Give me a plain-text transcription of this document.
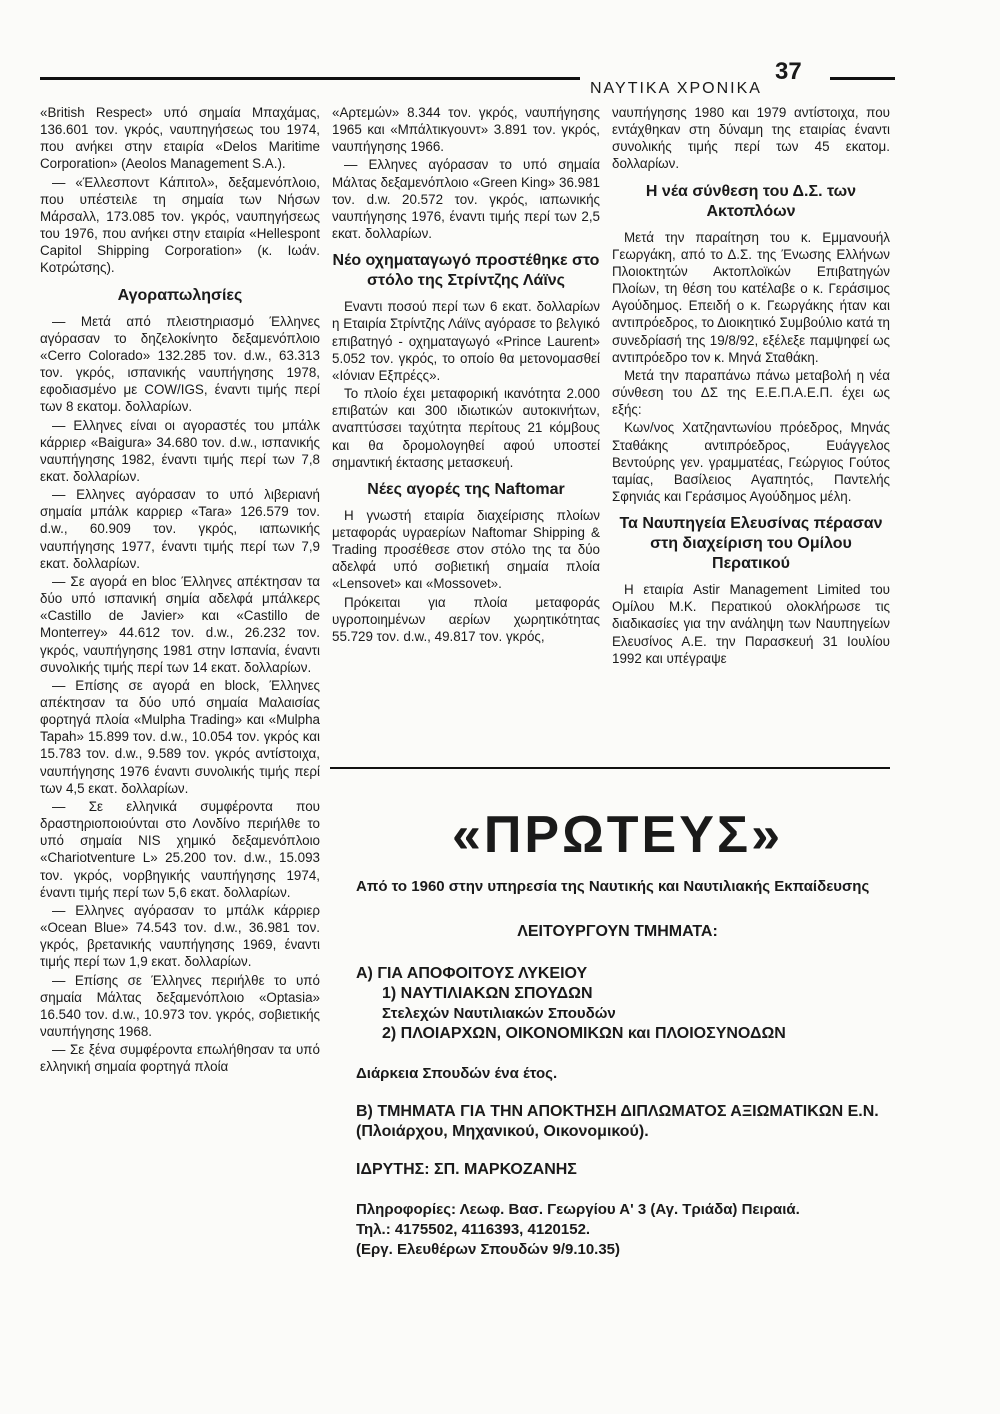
ΝΑΥΤΙΚΑ ΧΡΟΝΙΚΑ
37

«British Respect» υπό σημαία Μπαχάμας, 136.601 τον. γκρός, ναυπηγήσεως του 1974, που ανήκει στην εταιρία «Delos Maritime Corporation» (Aeolos Management S.A.).

— «Έλλεσποντ Κάπιτολ», δεξαμενόπλοιο, που υπέστειλε τη σημαία των Νήσων Μάρσαλλ, 173.085 τον. γκρός, ναυπηγήσεως του 1976, που ανήκει στην εταιρία «Hellespont Capitol Shipping Corporation» (κ. Ιωάν. Κοτρώτσης).

Αγοραπωλησίες

— Μετά από πλειστηριασμό Έλληνες αγόρασαν το δηζελοκίνητο δεξαμενόπλοιο «Cerro Colorado» 132.285 τον. d.w., 63.313 τον. γκρός, ισπανικής ναυπήγησης 1978, εφοδιασμένο με COW/IGS, έναντι τιμής περί των 8 εκατομ. δολλαρίων.

— Ελληνες είναι οι αγοραστές του μπάλκ κάρριερ «Baigura» 34.680 τον. d.w., ισπανικής ναυπήγησης 1982, έναντι τιμής περί των 7,8 εκατ. δολλαρίων.

— Ελληνες αγόρασαν το υπό λιβεριανή σημαία μπάλκ καρριερ «Tara» 126.579 τον. d.w., 60.909 τον. γκρός, ιαπωνικής ναυπήγησης 1977, έναντι τιμής περί των 7,9 εκατ. δολλαρίων.

— Σε αγορά en bloc Έλληνες απέκτησαν τα δύο υπό ισπανική σημία αδελφά μπάλκερς «Castillo de Javier» και «Castillo de Monterrey» 44.612 τον. d.w., 26.232 τον. γκρός, ναυπήγησης 1981 στην Ισπανία, έναντι συνολικής τιμής περί των 14 εκατ. δολλαρίων.

— Επίσης σε αγορά en block, Έλληνες απέκτησαν τα δύο υπό σημαία Μαλαισίας φορτηγά πλοία «Mulpha Trading» και «Mulpha Tapah» 15.899 τον. d.w., 10.054 τον. γκρός και 15.783 τον. d.w., 9.589 τον. γκρός αντίστοιχα, ναυπήγησης 1976 έναντι συνολικής τιμής περί των 4,5 εκατ. δολλαρίων.

— Σε ελληνικά συμφέροντα που δραστηριοποιούνται στο Λονδίνο περιήλθε το υπό σημαία NIS χημικό δεξαμενόπλοιο «Chariotventure L» 25.200 τον. d.w., 15.093 τον. γκρός, νορβηγικής ναυπήγησης 1974, έναντι τιμής περί των 5,6 εκατ. δολλαρίων.

— Ελληνες αγόρασαν το μπάλκ κάρριερ «Ocean Blue» 74.543 τον. d.w., 36.981 τον. γκρός, βρετανικής ναυπήγησης 1969, έναντι τιμής περί των 1,9 εκατ. δολλαρίων.

— Επίσης σε Έλληνες περιήλθε το υπό σημαία Μάλτας δεξαμενόπλοιο «Optasia» 16.540 τον. d.w., 10.973 τον. γκρός, σοβιετικής ναυπήγησης 1968.

— Σε ξένα συμφέροντα επωλήθησαν τα υπό ελληνική σημαία φορτηγά πλοία

«Αρτεμών» 8.344 τον. γκρός, ναυπήγησης 1965 και «Μπάλτικγουντ» 3.891 τον. γκρός, ναυπήγησης 1966.

— Ελληνες αγόρασαν το υπό σημαία Μάλτας δεξαμενόπλοιο «Green King» 36.981 τον. d.w. 20.572 τον. γκρός, ιαπωνικής ναυπήγησης 1976, έναντι τιμής περί των 2,5 εκατ. δολλαρίων.

Νέο οχηματαγωγό προστέθηκε στο στόλο της Στρίντζης Λάϊνς

Εναντι ποσού περί των 6 εκατ. δολλαρίων η Εταιρία Στρίντζης Λάϊνς αγόρασε το βελγικό επιβατηγό - οχηματαγωγό «Prince Laurent» 5.052 τον. γκρός, το οποίο θα μετονομασθεί «Ιόνιαν Εξπρέςς».

Το πλοίο έχει μεταφορική ικανότητα 2.000 επιβατών και 300 ιδιωτικών αυτοκινήτων, αναπτύσσει ταχύτητα περίτους 21 κόμβους και θα δρομολογηθεί αφού υποστεί σημαντική έκτασης μετασκευή.

Νέες αγορές της Naftomar

Η γνωστή εταιρία διαχείρισης πλοίων μεταφοράς υγραερίων Naftomar Shipping & Trading προσέθεσε στον στόλο της τα δύο αδελφά υπό σοβιετική σημαία πλοία «Lensovet» και «Mossovet».

Πρόκειται για πλοία μεταφοράς υγροποιημένων αερίων χωρητικότητας 55.729 τον. d.w., 49.817 τον. γκρός,

ναυπήγησης 1980 και 1979 αντίστοιχα, που εντάχθηκαν στη δύναμη της εταιρίας έναντι συνολικής τιμής περί των 45 εκατομ. δολλαρίων.

Η νέα σύνθεση του Δ.Σ. των Ακτοπλόων

Μετά την παραίτηση του κ. Εμμανουήλ Γεωργάκη, από το Δ.Σ. της Ένωσης Ελλήνων Πλοιοκτητών Ακτοπλοϊκών Επιβατηγών Πλοίων, τη θέση του κατέλαβε ο κ. Γεράσιμος Αγούδημος. Επειδή ο κ. Γεωργάκης ήταν και αντιπρόεδρος, το Διοικητικό Συμβούλιο κατά τη συνεδρίασή της 19/8/92, εξέλεξε παμψηφεί ως αντιπρόεδρο τον κ. Μηνά Σταθάκη.

Μετά την παραπάνω πάνω μεταβολή η νέα σύνθεση του ΔΣ της Ε.Ε.Π.Α.Ε.Π. έχει ως εξής:

Κων/νος Χατζηαντωνίου πρόεδρος, Μηνάς Σταθάκης αντιπρόεδρος, Ευάγγελος Βεντούρης γεν. γραμματέας, Γεώργιος Γούτος ταμίας, Βασίλειος Αγαπητός, Παντελής Σφηνιάς και Γεράσιμος Αγούδημος μέλη.

Τα Ναυπηγεία Ελευσίνας πέρασαν στη διαχείριση του Ομίλου Περατικού

Η εταιρία Astir Management Limited του Ομίλου Μ.Κ. Περατικού ολοκλήρωσε τις διαδικασίες για την ανάληψη των Ναυπηγείων Ελευσίνος Α.Ε. την Παρασκευή 31 Ιουλίου 1992 και υπέγραψε

«ΠΡΩΤΕΥΣ»

Από το 1960 στην υπηρεσία της Ναυτικής και Ναυτιλιακής Εκπαίδευσης

ΛΕΙΤΟΥΡΓΟΥΝ ΤΜΗΜΑΤΑ:

Α) ΓΙΑ ΑΠΟΦΟΙΤΟΥΣ ΛΥΚΕΙΟΥ

1) ΝΑΥΤΙΛΙΑΚΩΝ ΣΠΟΥΔΩΝ

Στελεχών Ναυτιλιακών Σπουδών

2) ΠΛΟΙΑΡΧΩΝ, ΟΙΚΟΝΟΜΙΚΩΝ και ΠΛΟΙΟΣΥΝΟΔΩΝ

Διάρκεια Σπουδών ένα έτος.

Β) ΤΜΗΜΑΤΑ ΓΙΑ ΤΗΝ ΑΠΟΚΤΗΣΗ ΔΙΠΛΩΜΑΤΟΣ ΑΞΙΩΜΑΤΙΚΩΝ Ε.Ν. (Πλοιάρχου, Μηχανικού, Οικονομικού).

ΙΔΡΥΤΗΣ: ΣΠ. ΜΑΡΚΟΖΑΝΗΣ

Πληροφορίες: Λεωφ. Βασ. Γεωργίου Α' 3 (Αγ. Τριάδα) Πειραιά.

Τηλ.: 4175502, 4116393, 4120152.

(Εργ. Ελευθέρων Σπουδών 9/9.10.35)
